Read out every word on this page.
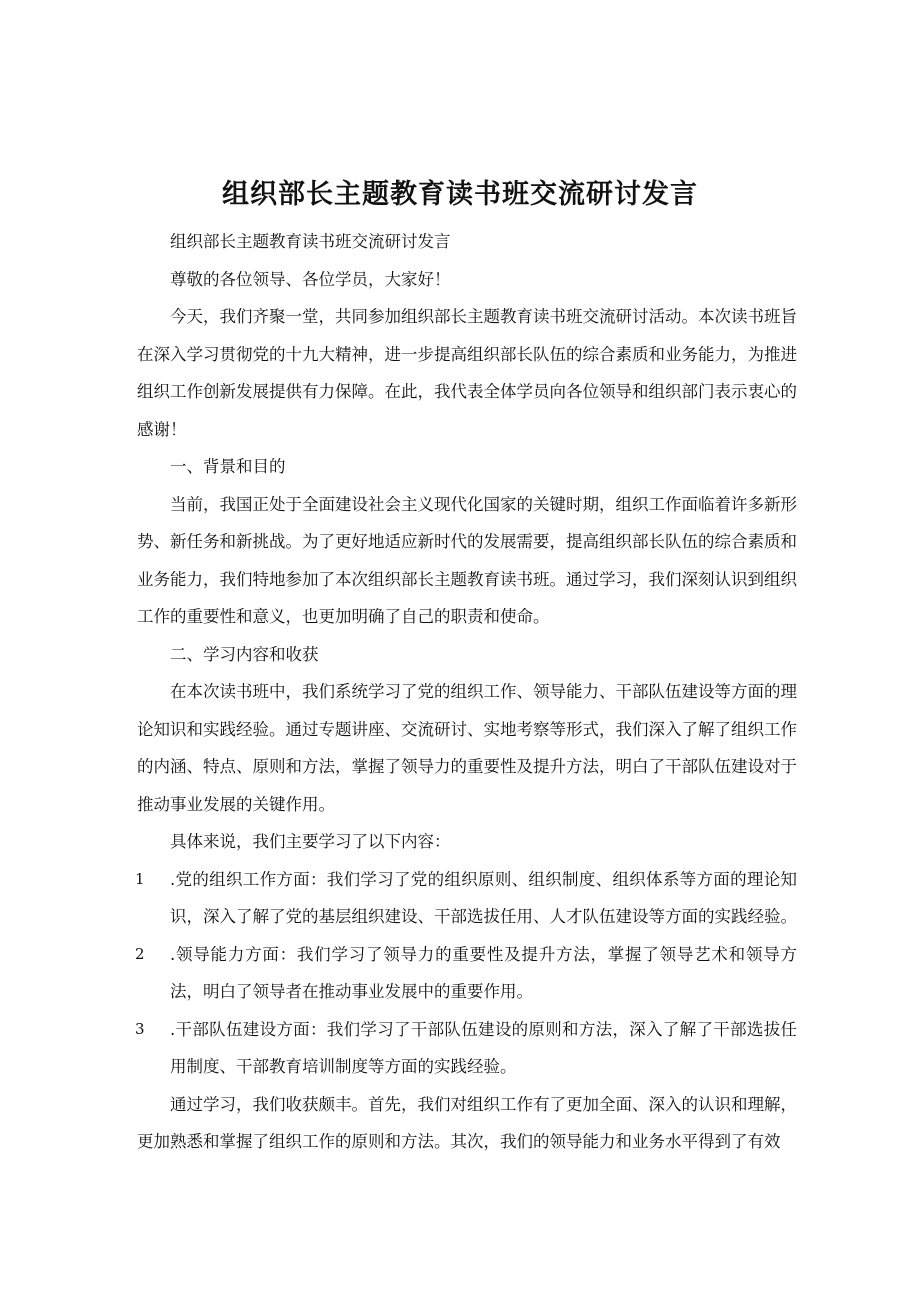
组织部长主题教育读书班交流研讨发言

组织部长主题教育读书班交流研讨发言

尊敬的各位领导、各位学员，大家好！

今天，我们齐聚一堂，共同参加组织部长主题教育读书班交流研讨活动。本次读书班旨在深入学习贯彻党的十九大精神，进一步提高组织部长队伍的综合素质和业务能力，为推进组织工作创新发展提供有力保障。在此，我代表全体学员向各位领导和组织部门表示衷心的感谢！

一、背景和目的

当前，我国正处于全面建设社会主义现代化国家的关键时期，组织工作面临着许多新形势、新任务和新挑战。为了更好地适应新时代的发展需要，提高组织部长队伍的综合素质和业务能力，我们特地参加了本次组织部长主题教育读书班。通过学习，我们深刻认识到组织工作的重要性和意义，也更加明确了自己的职责和使命。

二、学习内容和收获

在本次读书班中，我们系统学习了党的组织工作、领导能力、干部队伍建设等方面的理论知识和实践经验。通过专题讲座、交流研讨、实地考察等形式，我们深入了解了组织工作的内涵、特点、原则和方法，掌握了领导力的重要性及提升方法，明白了干部队伍建设对于推动事业发展的关键作用。

具体来说，我们主要学习了以下内容：

1 .党的组织工作方面：我们学习了党的组织原则、组织制度、组织体系等方面的理论知识，深入了解了党的基层组织建设、干部选拔任用、人才队伍建设等方面的实践经验。
2 .领导能力方面：我们学习了领导力的重要性及提升方法，掌握了领导艺术和领导方法，明白了领导者在推动事业发展中的重要作用。
3 .干部队伍建设方面：我们学习了干部队伍建设的原则和方法，深入了解了干部选拔任用制度、干部教育培训制度等方面的实践经验。

通过学习，我们收获颇丰。首先，我们对组织工作有了更加全面、深入的认识和理解，更加熟悉和掌握了组织工作的原则和方法。其次，我们的领导能力和业务水平得到了有效
